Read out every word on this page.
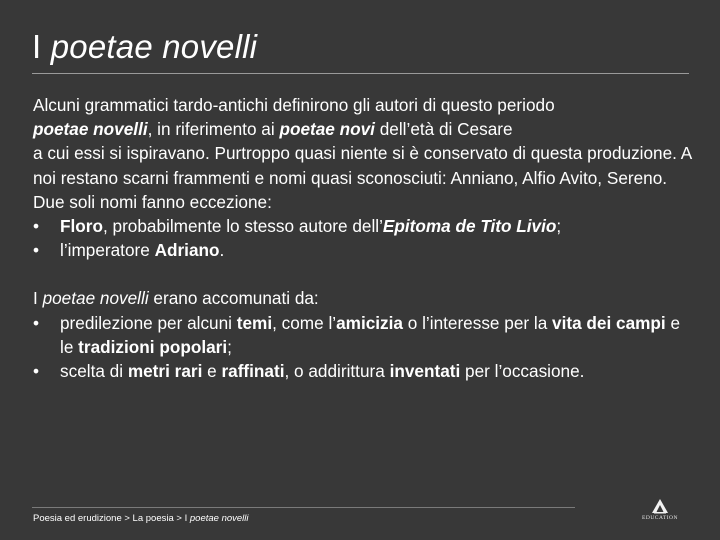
I poetae novelli

Alcuni grammatici tardo-antichi definirono gli autori di questo periodo

poetae novelli, in riferimento ai poetae novi dell’età di Cesare

a cui essi si ispiravano. Purtroppo quasi niente si è conservato di questa produzione. A noi restano scarni frammenti e nomi quasi sconosciuti: Anniano, Alfio Avito, Sereno.

Due soli nomi fanno eccezione:

• Floro, probabilmente lo stesso autore dell’Epitoma de Tito Livio;
• l’imperatore Adriano.

I poetae novelli erano accomunati da:

• predilezione per alcuni temi, come l’amicizia o l’interesse per la vita dei campi e le tradizioni popolari;
• scelta di metri rari e raffinati, o addirittura inventati per l’occasione.
Poesia ed erudizione > La poesia > I poetae novelli	EDUCATION
